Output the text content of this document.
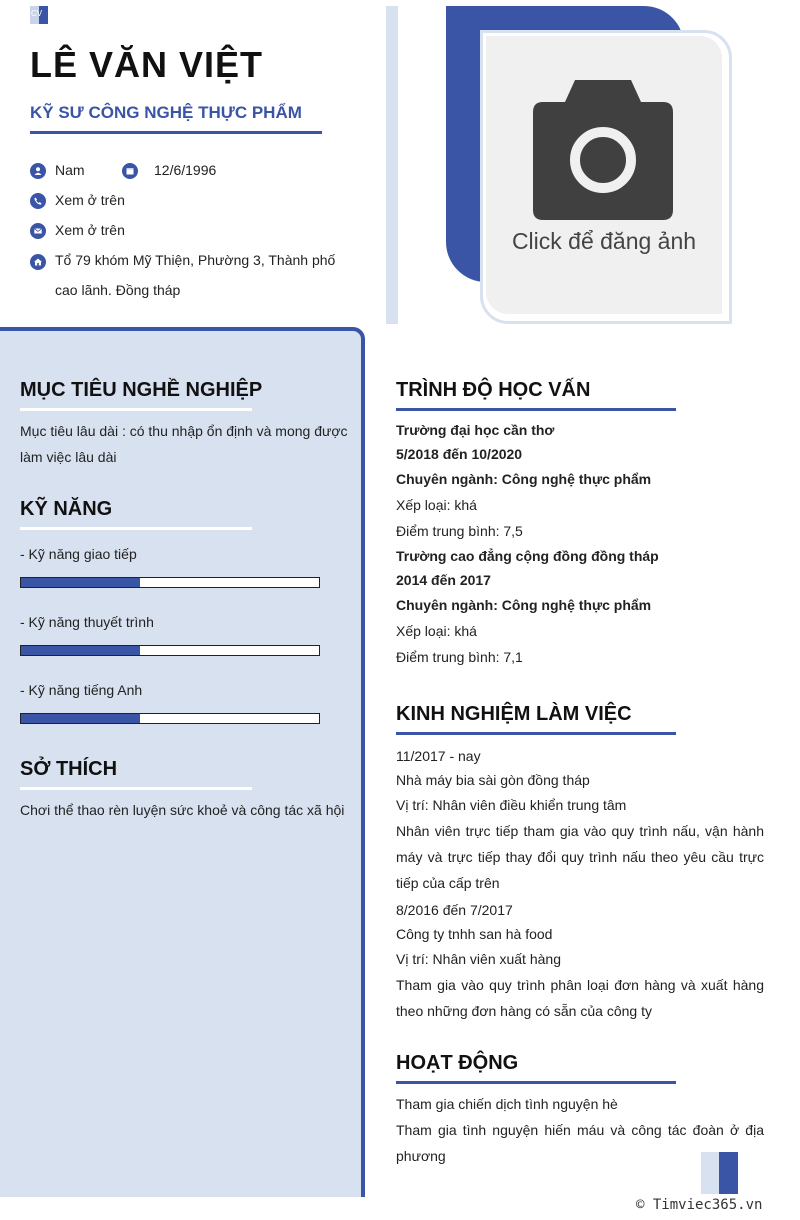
CV
LÊ VĂN VIỆT
KỸ SƯ CÔNG NGHỆ THỰC PHẨM
Nam	12/6/1996
Xem ở trên
Xem ở trên
Tổ 79 khóm Mỹ Thiện, Phường 3, Thành phố
cao lãnh. Đồng tháp
Click để đăng ảnh
MỤC TIÊU NGHỀ NGHIỆP
Mục tiêu lâu dài : có thu nhập ổn định và mong được
làm việc lâu dài
KỸ NĂNG
- Kỹ năng giao tiếp
- Kỹ năng thuyết trình
- Kỹ năng tiếng Anh
SỞ THÍCH
Chơi thể thao rèn luyện sức khoẻ và công tác xã hội
TRÌNH ĐỘ HỌC VẤN
Trường đại học cần thơ
5/2018 đến 10/2020
Chuyên ngành: Công nghệ thực phẩm
Xếp loại: khá
Điểm trung bình: 7,5
Trường cao đẳng cộng đồng đồng tháp
2014 đến 2017
Chuyên ngành: Công nghệ thực phẩm
Xếp loại: khá
Điểm trung bình: 7,1
KINH NGHIỆM LÀM VIỆC
11/2017 - nay
Nhà máy bia sài gòn đồng tháp
Vị trí: Nhân viên điều khiển trung tâm
Nhân viên trực tiếp tham gia vào quy trình nấu, vận hành máy và trực tiếp thay đổi quy trình nấu theo yêu cầu trực tiếp của cấp trên
8/2016 đến 7/2017
Công ty tnhh san hà food
Vị trí: Nhân viên xuất hàng
Tham gia vào quy trình phân loại đơn hàng và xuất hàng theo những đơn hàng có sẵn của công ty
HOẠT ĐỘNG
Tham gia chiến dịch tình nguyện hè
Tham gia tình nguyện hiến máu và công tác đoàn ở địa phương
© Timviec365.vn
